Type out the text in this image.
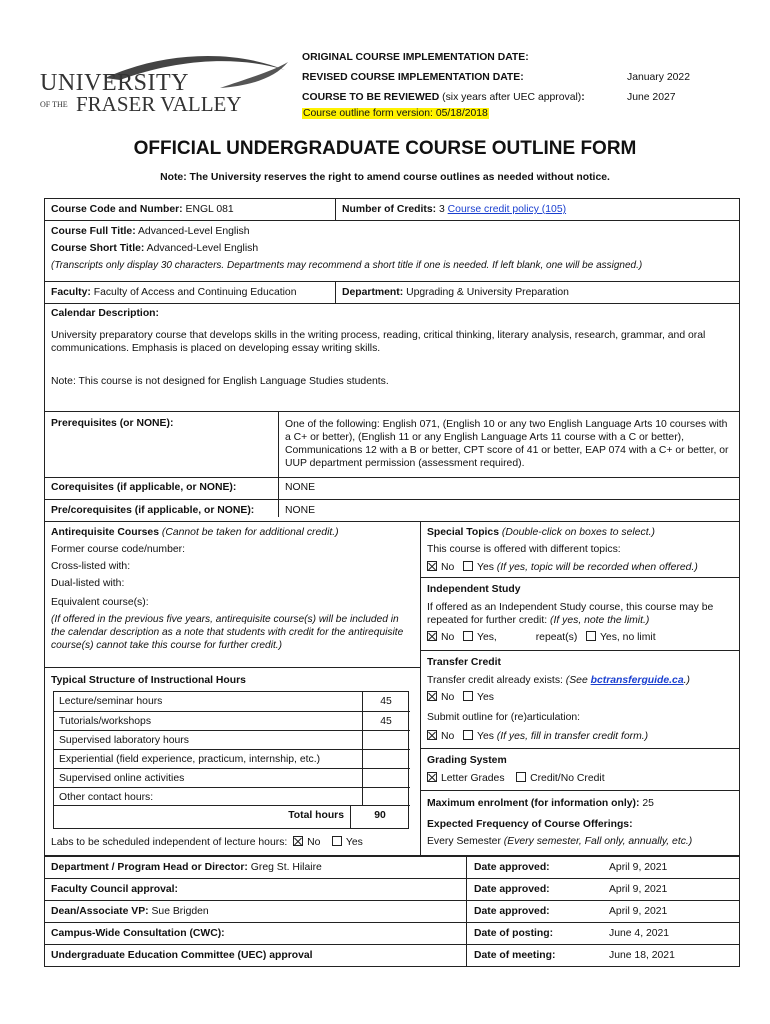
UNIVERSITY
OF THE FRASER VALLEY
ORIGINAL COURSE IMPLEMENTATION DATE:
REVISED COURSE IMPLEMENTATION DATE:	January 2022
COURSE TO BE REVIEWED (six years after UEC approval):	June 2027
Course outline form version: 05/18/2018
OFFICIAL UNDERGRADUATE COURSE OUTLINE FORM
Note: The University reserves the right to amend course outlines as needed without notice.
Course Code and Number: ENGL 081	Number of Credits: 3 Course credit policy (105)
Course Full Title: Advanced-Level English
Course Short Title: Advanced-Level English
(Transcripts only display 30 characters. Departments may recommend a short title if one is needed. If left blank, one will be assigned.)
Faculty: Faculty of Access and Continuing Education	Department: Upgrading & University Preparation
Calendar Description:
University preparatory course that develops skills in the writing process, reading, critical thinking, literary analysis, research, grammar, and oral communications. Emphasis is placed on developing essay writing skills.
Note: This course is not designed for English Language Studies students.
Prerequisites (or NONE):	One of the following: English 071, (English 10 or any two English Language Arts 10 courses with a C+ or better), (English 11 or any English Language Arts 11 course with a C or better), Communications 12 with a B or better, CPT score of 41 or better, EAP 074 with a C+ or better, or UUP department permission (assessment required).
Corequisites (if applicable, or NONE):	NONE
Pre/corequisites (if applicable, or NONE):	NONE
Antirequisite Courses (Cannot be taken for additional credit.)
Former course code/number:
Cross-listed with:
Dual-listed with:
Equivalent course(s):
(If offered in the previous five years, antirequisite course(s) will be included in the calendar description as a note that students with credit for the antirequisite course(s) cannot take this course for further credit.)
Special Topics (Double-click on boxes to select.)
This course is offered with different topics:
No Yes (If yes, topic will be recorded when offered.)
Independent Study
If offered as an Independent Study course, this course may be repeated for further credit: (If yes, note the limit.)
No Yes,	repeat(s) Yes, no limit
Transfer Credit
Transfer credit already exists: (See bctransferguide.ca.)
No Yes
Submit outline for (re)articulation:
No Yes (If yes, fill in transfer credit form.)
Grading System
Letter Grades Credit/No Credit
Maximum enrolment (for information only): 25
Expected Frequency of Course Offerings:
Every Semester (Every semester, Fall only, annually, etc.)
Typical Structure of Instructional Hours
Lecture/seminar hours	45
Tutorials/workshops	45
Supervised laboratory hours
Experiential (field experience, practicum, internship, etc.)
Supervised online activities
Other contact hours:
Total hours	90
Labs to be scheduled independent of lecture hours: No Yes
Department / Program Head or Director: Greg St. Hilaire	Date approved:	April 9, 2021
Faculty Council approval:	Date approved:	April 9, 2021
Dean/Associate VP: Sue Brigden	Date approved:	April 9, 2021
Campus-Wide Consultation (CWC):	Date of posting:	June 4, 2021
Undergraduate Education Committee (UEC) approval	Date of meeting:	June 18, 2021
